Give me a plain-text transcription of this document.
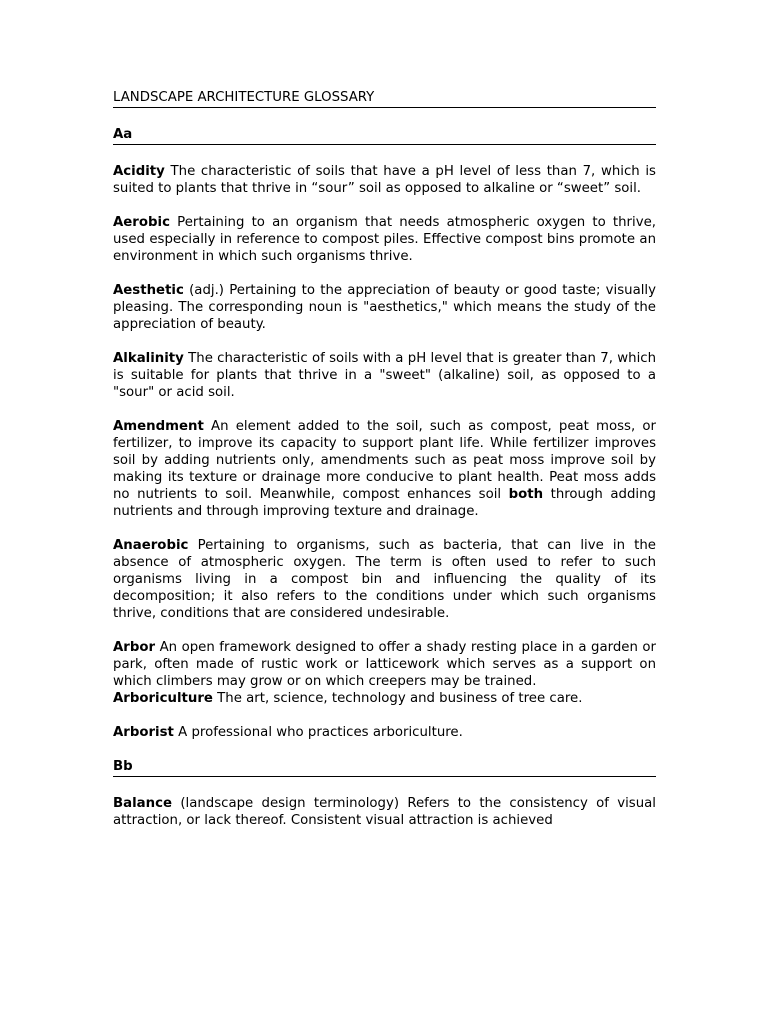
LANDSCAPE ARCHITECTURE GLOSSARY
Aa

Acidity The characteristic of soils that have a pH level of less than 7, which is suited to plants that thrive in “sour” soil as opposed to alkaline or “sweet” soil.

Aerobic Pertaining to an organism that needs atmospheric oxygen to thrive, used especially in reference to compost piles. Effective compost bins promote an environment in which such organisms thrive.

Aesthetic (adj.) Pertaining to the appreciation of beauty or good taste; visually pleasing. The corresponding noun is "aesthetics," which means the study of the appreciation of beauty.

Alkalinity The characteristic of soils with a pH level that is greater than 7, which is suitable for plants that thrive in a "sweet" (alkaline) soil, as opposed to a "sour" or acid soil.

Amendment An element added to the soil, such as compost, peat moss, or fertilizer, to improve its capacity to support plant life. While fertilizer improves soil by adding nutrients only, amendments such as peat moss improve soil by making its texture or drainage more conducive to plant health. Peat moss adds no nutrients to soil. Meanwhile, compost enhances soil both through adding nutrients and through improving texture and drainage.

Anaerobic Pertaining to organisms, such as bacteria, that can live in the absence of atmospheric oxygen. The term is often used to refer to such organisms living in a compost bin and influencing the quality of its decomposition; it also refers to the conditions under which such organisms thrive, conditions that are considered undesirable.

Arbor An open framework designed to offer a shady resting place in a garden or park, often made of rustic work or latticework which serves as a support on which climbers may grow or on which creepers may be trained.

Arboriculture The art, science, technology and business of tree care.

Arborist A professional who practices arboriculture.

Bb

Balance (landscape design terminology) Refers to the consistency of visual attraction, or lack thereof. Consistent visual attraction is achieved
